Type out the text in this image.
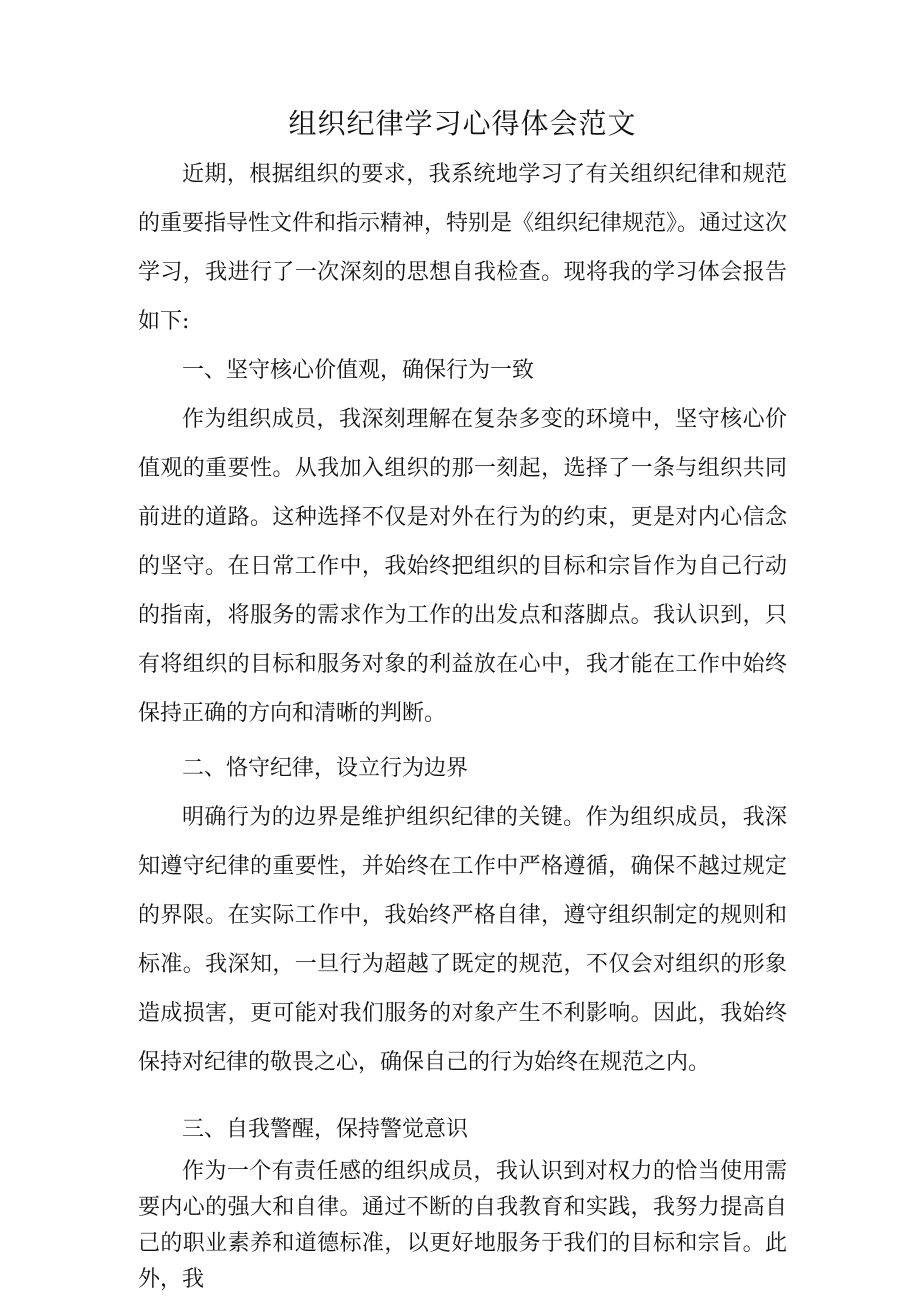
组织纪律学习心得体会范文

近期，根据组织的要求，我系统地学习了有关组织纪律和规范的重要指导性文件和指示精神，特别是《组织纪律规范》。通过这次学习，我进行了一次深刻的思想自我检查。现将我的学习体会报告如下:

一、坚守核心价值观，确保行为一致

作为组织成员，我深刻理解在复杂多变的环境中，坚守核心价值观的重要性。从我加入组织的那一刻起，选择了一条与组织共同前进的道路。这种选择不仅是对外在行为的约束，更是对内心信念的坚守。在日常工作中，我始终把组织的目标和宗旨作为自己行动的指南，将服务的需求作为工作的出发点和落脚点。我认识到，只有将组织的目标和服务对象的利益放在心中，我才能在工作中始终保持正确的方向和清晰的判断。

二、恪守纪律，设立行为边界

明确行为的边界是维护组织纪律的关键。作为组织成员，我深知遵守纪律的重要性，并始终在工作中严格遵循，确保不越过规定的界限。在实际工作中，我始终严格自律，遵守组织制定的规则和标准。我深知，一旦行为超越了既定的规范，不仅会对组织的形象造成损害，更可能对我们服务的对象产生不利影响。因此，我始终保持对纪律的敬畏之心，确保自己的行为始终在规范之内。

三、自我警醒，保持警觉意识

作为一个有责任感的组织成员，我认识到对权力的恰当使用需要内心的强大和自律。通过不断的自我教育和实践，我努力提高自己的职业素养和道德标准，以更好地服务于我们的目标和宗旨。此外，我
